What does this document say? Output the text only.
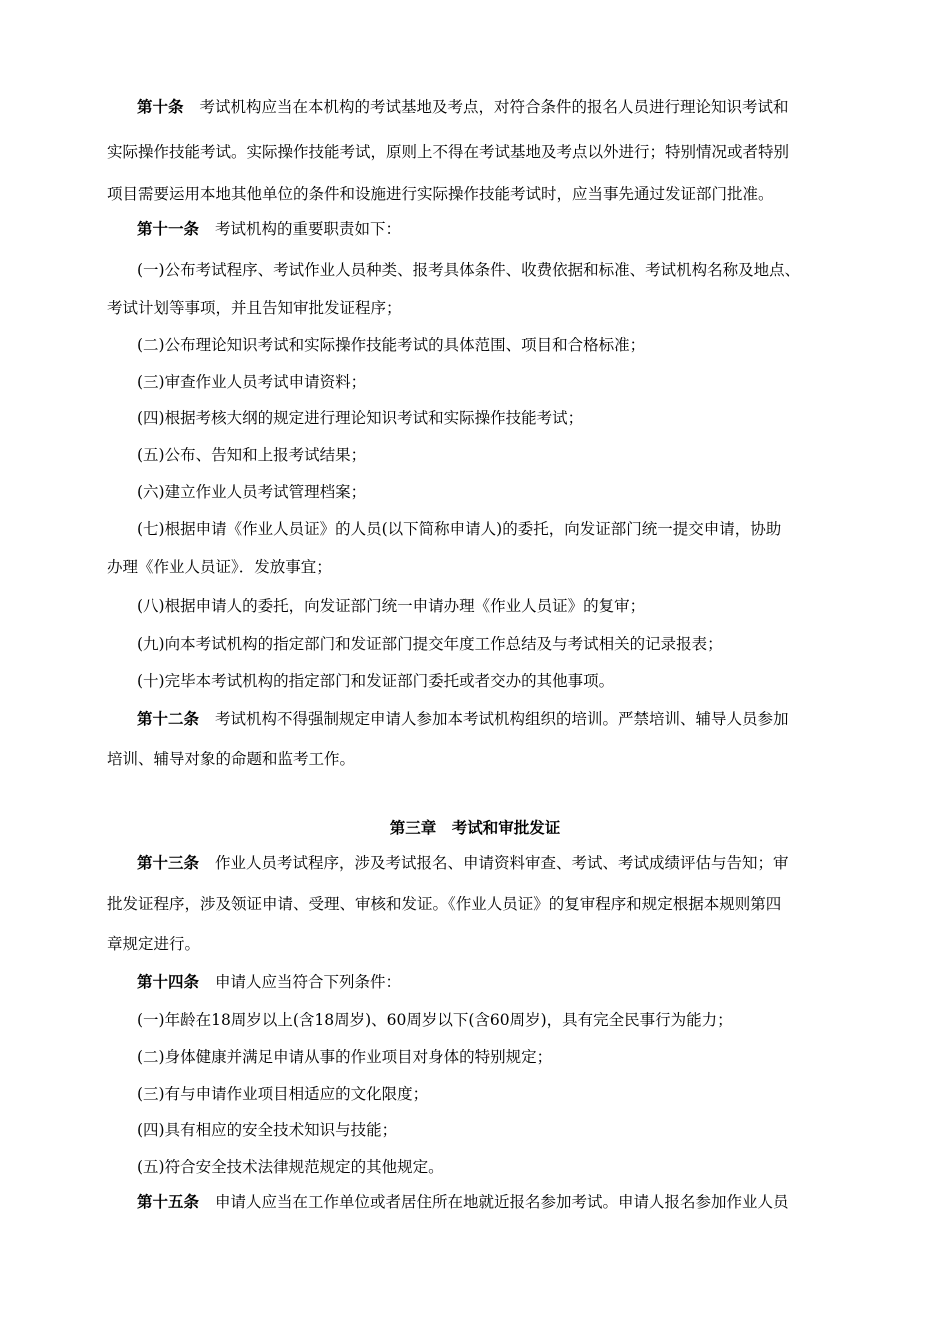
第十条 考试机构应当在本机构的考试基地及考点，对符合条件的报名人员进行理论知识考试和
实际操作技能考试。实际操作技能考试，原则上不得在考试基地及考点以外进行；特别情况或者特别
项目需要运用本地其他单位的条件和设施进行实际操作技能考试时，应当事先通过发证部门批准。
第十一条 考试机构的重要职责如下：
(一)公布考试程序、考试作业人员种类、报考具体条件、收费依据和标准、考试机构名称及地点、
考试计划等事项，并且告知审批发证程序；
(二)公布理论知识考试和实际操作技能考试的具体范围、项目和合格标准；
(三)审查作业人员考试申请资料；
(四)根据考核大纲的规定进行理论知识考试和实际操作技能考试；
(五)公布、告知和上报考试结果；
(六)建立作业人员考试管理档案；
(七)根据申请《作业人员证》的人员(以下简称申请人)的委托，向发证部门统一提交申请，协助
办理《作业人员证》．发放事宜；
(八)根据申请人的委托，向发证部门统一申请办理《作业人员证》的复审；
(九)向本考试机构的指定部门和发证部门提交年度工作总结及与考试相关的记录报表；
(十)完毕本考试机构的指定部门和发证部门委托或者交办的其他事项。
第十二条 考试机构不得强制规定申请人参加本考试机构组织的培训。严禁培训、辅导人员参加
培训、辅导对象的命题和监考工作。
第三章　考试和审批发证
第十三条 作业人员考试程序，涉及考试报名、申请资料审查、考试、考试成绩评估与告知；审
批发证程序，涉及领证申请、受理、审核和发证。《作业人员证》的复审程序和规定根据本规则第四
章规定进行。
第十四条 申请人应当符合下列条件：
(一)年龄在18周岁以上(含18周岁)、60周岁以下(含60周岁)，具有完全民事行为能力；
(二)身体健康并满足申请从事的作业项目对身体的特别规定；
(三)有与申请作业项目相适应的文化限度；
(四)具有相应的安全技术知识与技能；
(五)符合安全技术法律规范规定的其他规定。
第十五条 申请人应当在工作单位或者居住所在地就近报名参加考试。申请人报名参加作业人员
